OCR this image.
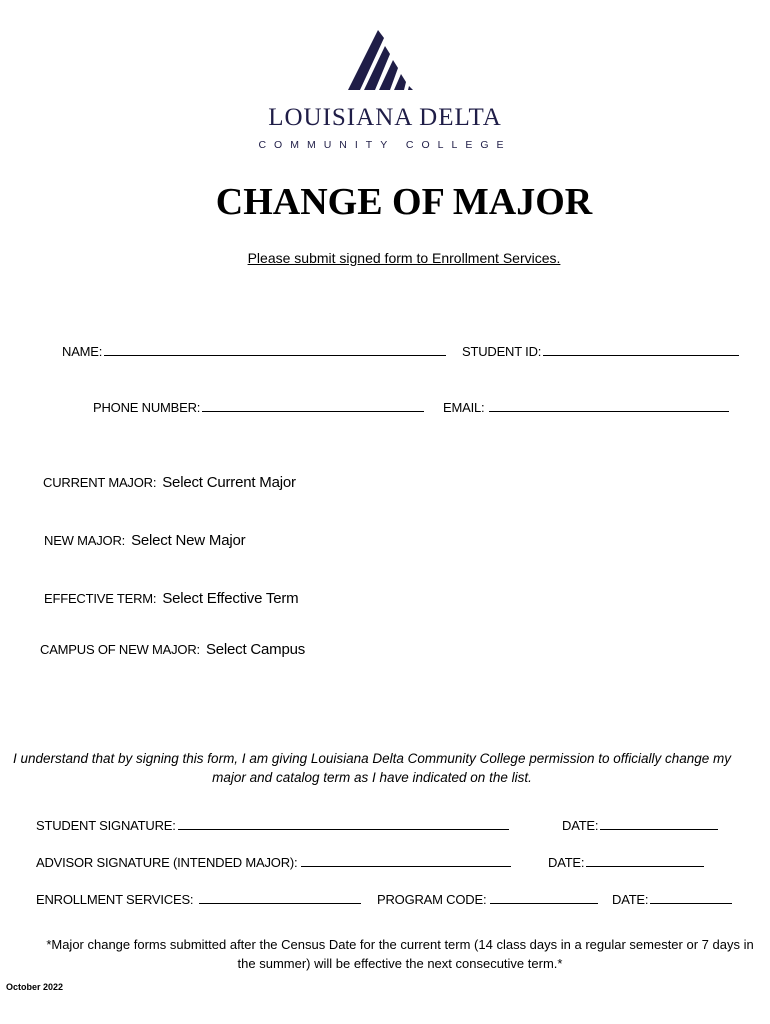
LOUISIANA DELTA
COMMUNITY COLLEGE
CHANGE OF MAJOR
Please submit signed form to Enrollment Services.
NAME:	STUDENT ID:
PHONE NUMBER:	EMAIL:
CURRENT MAJOR: Select Current Major
NEW MAJOR: Select New Major
EFFECTIVE TERM: Select Effective Term
CAMPUS OF NEW MAJOR: Select Campus
I understand that by signing this form, I am giving Louisiana Delta Community College permission to officially change my major and catalog term as I have indicated on the list.
STUDENT SIGNATURE:	DATE:
ADVISOR SIGNATURE (INTENDED MAJOR):	DATE:
ENROLLMENT SERVICES:	PROGRAM CODE:	DATE:
*Major change forms submitted after the Census Date for the current term (14 class days in a regular semester or 7 days in the summer) will be effective the next consecutive term.*
October 2022
